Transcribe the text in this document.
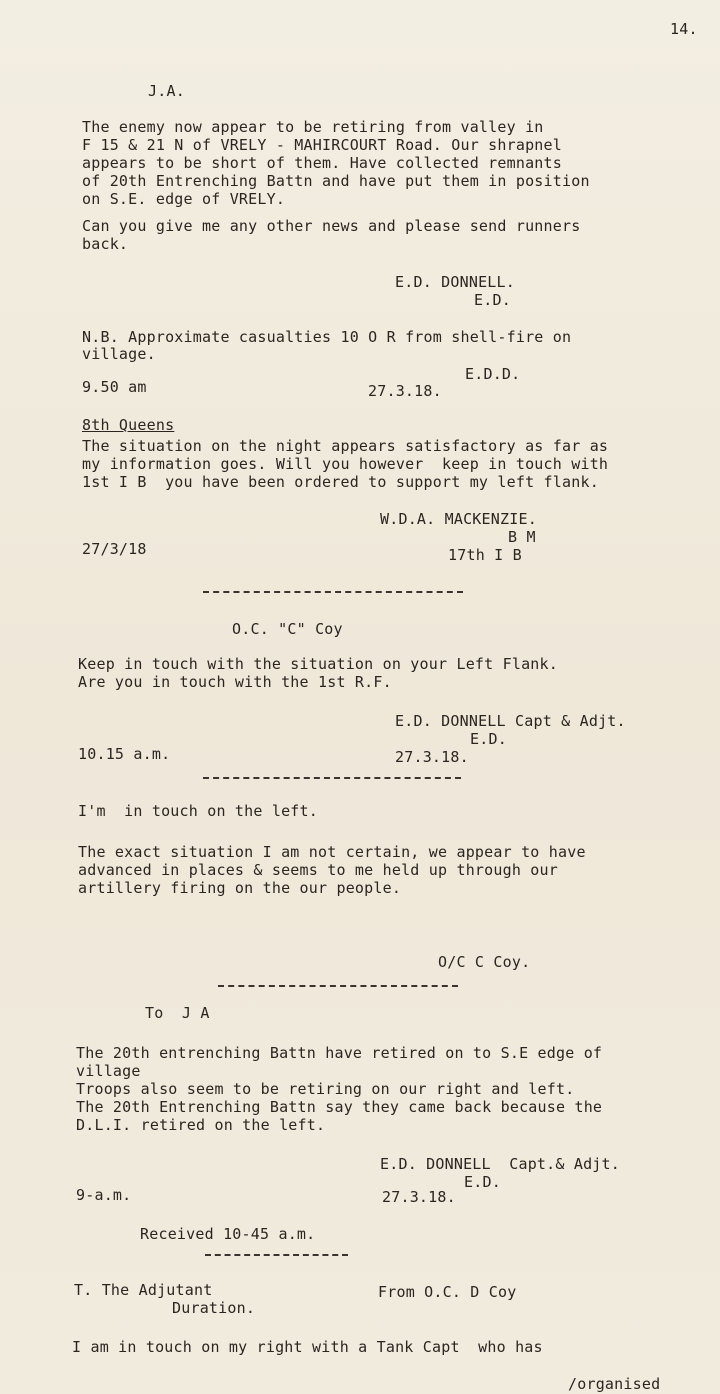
14.
J.A.
The enemy now appear to be retiring from valley in
F 15 & 21 N of VRELY - MAHIRCOURT Road. Our shrapnel
appears to be short of them. Have collected remnants
of 20th Entrenching Battn and have put them in position
on S.E. edge of VRELY.
Can you give me any other news and please send runners
back.
E.D. DONNELL.
E.D.
N.B. Approximate casualties 10 O R from shell-fire on
village.
E.D.D.
9.50 am	27.3.18.
8th Queens
The situation on the night appears satisfactory as far as
my information goes. Will you however  keep in touch with
1st I B  you have been ordered to support my left flank.
W.D.A. MACKENZIE.
B M
27/3/18	17th I B
O.C. "C" Coy
Keep in touch with the situation on your Left Flank.
Are you in touch with the 1st R.F.
E.D. DONNELL Capt & Adjt.
E.D.
10.15 a.m.	27.3.18.
I'm  in touch on the left.
The exact situation I am not certain, we appear to have
advanced in places & seems to me held up through our
artillery firing on the our people.
O/C C Coy.
To  J A
The 20th entrenching Battn have retired on to S.E edge of
village
Troops also seem to be retiring on our right and left.
The 20th Entrenching Battn say they came back because the
D.L.I. retired on the left.
E.D. DONNELL  Capt.& Adjt.
E.D.
9-a.m.	27.3.18.
Received 10-45 a.m.
T. The Adjutant
Duration.
From O.C. D Coy
I am in touch on my right with a Tank Capt  who has
/organised
